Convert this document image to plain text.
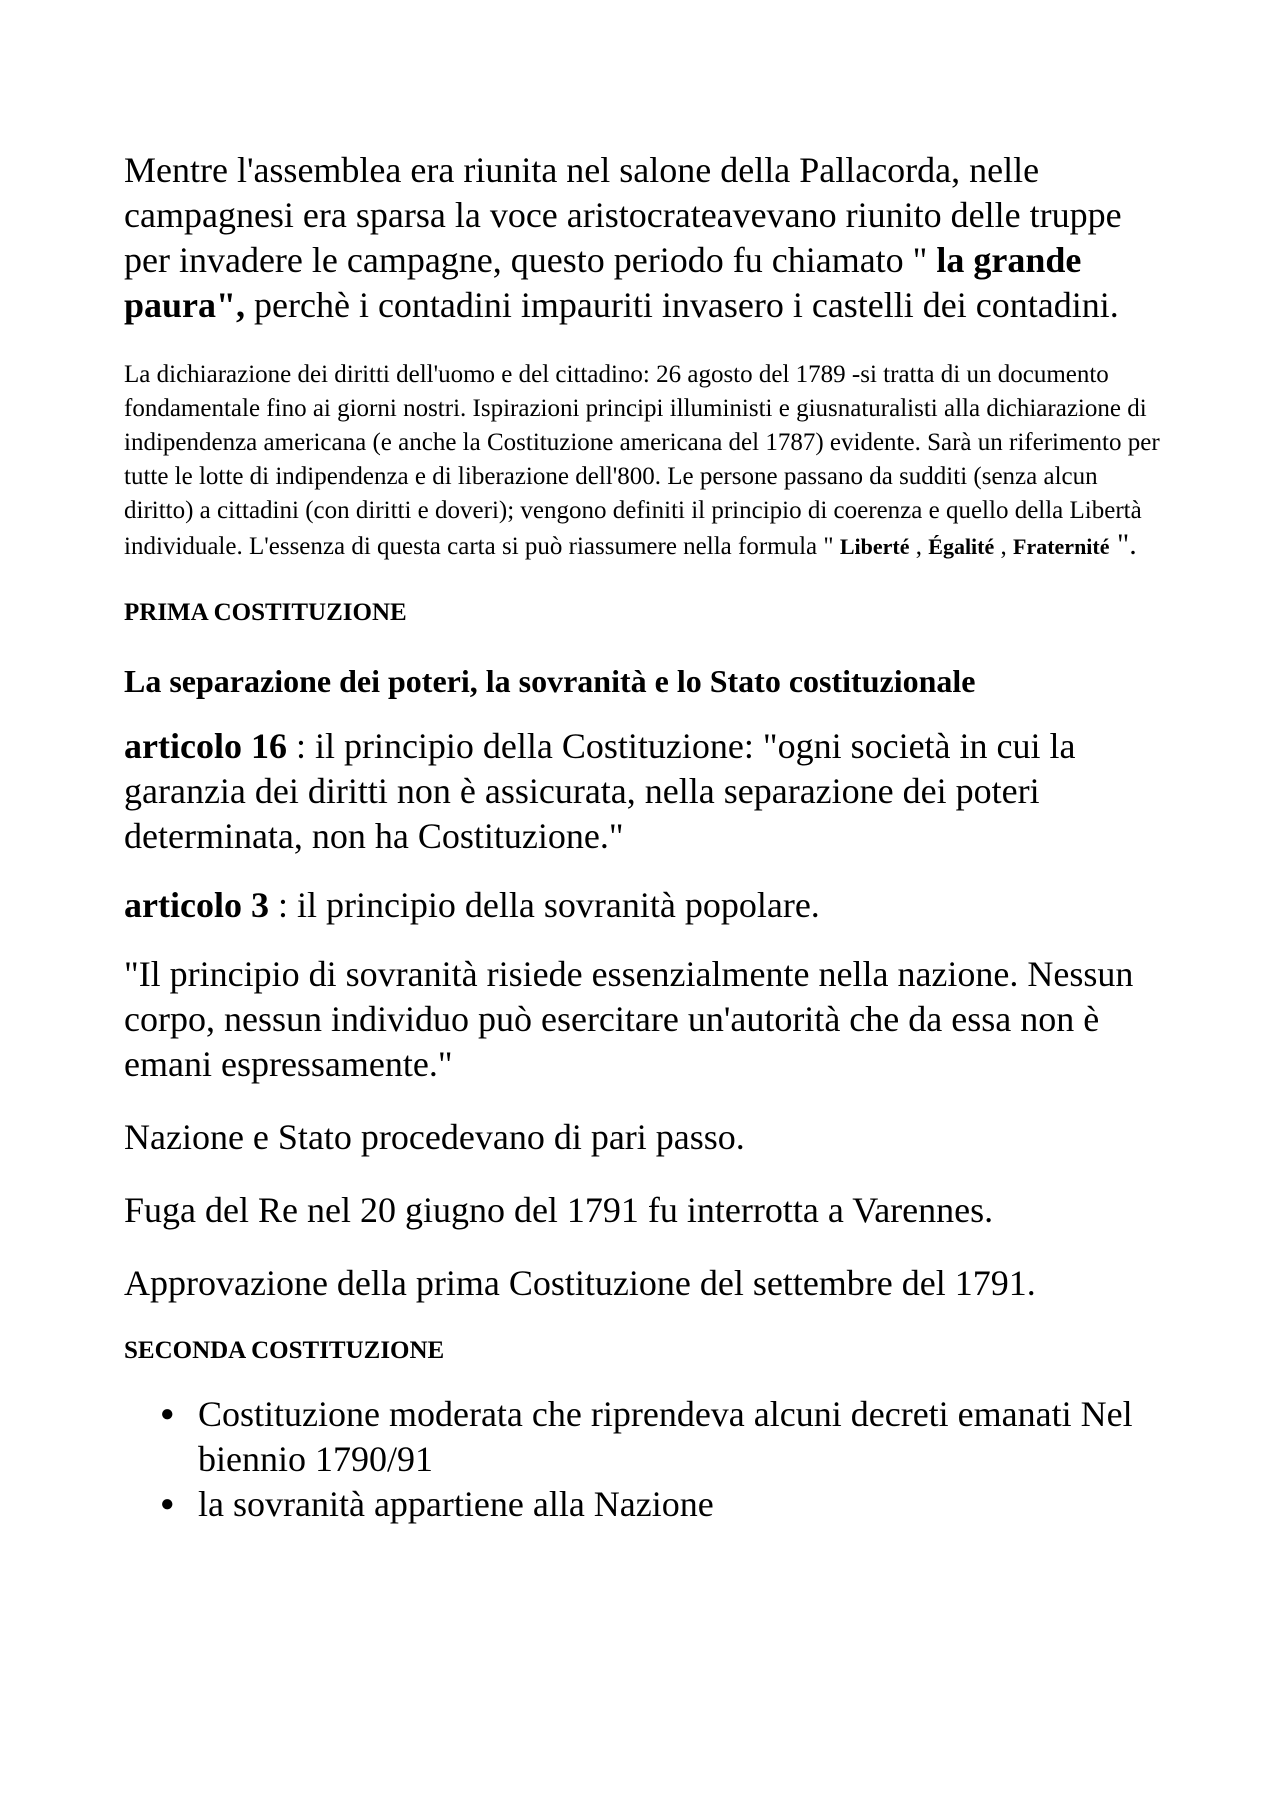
Mentre l'assemblea era riunita nel salone della Pallacorda, nelle campagnesi era sparsa la voce aristocrateavevano riunito delle truppe per invadere le campagne, questo periodo fu chiamato " la grande paura", perchè i contadini impauriti invasero i castelli dei contadini.

La dichiarazione dei diritti dell'uomo e del cittadino: 26 agosto del 1789 -si tratta di un documento fondamentale fino ai giorni nostri. Ispirazioni principi illuministi e giusnaturalisti alla dichiarazione di indipendenza americana (e anche la Costituzione americana del 1787) evidente. Sarà un riferimento per tutte le lotte di indipendenza e di liberazione dell'800. Le persone passano da sudditi (senza alcun diritto) a cittadini (con diritti e doveri); vengono definiti il principio di coerenza e quello della Libertà individuale. L'essenza di questa carta si può riassumere nella formula " Liberté , Égalité , Fraternité ".

PRIMA COSTITUZIONE
La separazione dei poteri, la sovranità e lo Stato costituzionale

articolo 16 : il principio della Costituzione: "ogni società in cui la garanzia dei diritti non è assicurata, nella separazione dei poteri determinata, non ha Costituzione."

articolo 3 : il principio della sovranità popolare.

"Il principio di sovranità risiede essenzialmente nella nazione. Nessun corpo, nessun individuo può esercitare un'autorità che da essa non è emani espressamente."

Nazione e Stato procedevano di pari passo.

Fuga del Re nel 20 giugno del 1791 fu interrotta a Varennes.

Approvazione della prima Costituzione del settembre del 1791.

SECONDA COSTITUZIONE
● Costituzione moderata che riprendeva alcuni decreti emanati Nel biennio 1790/91
● la sovranità appartiene alla Nazione
